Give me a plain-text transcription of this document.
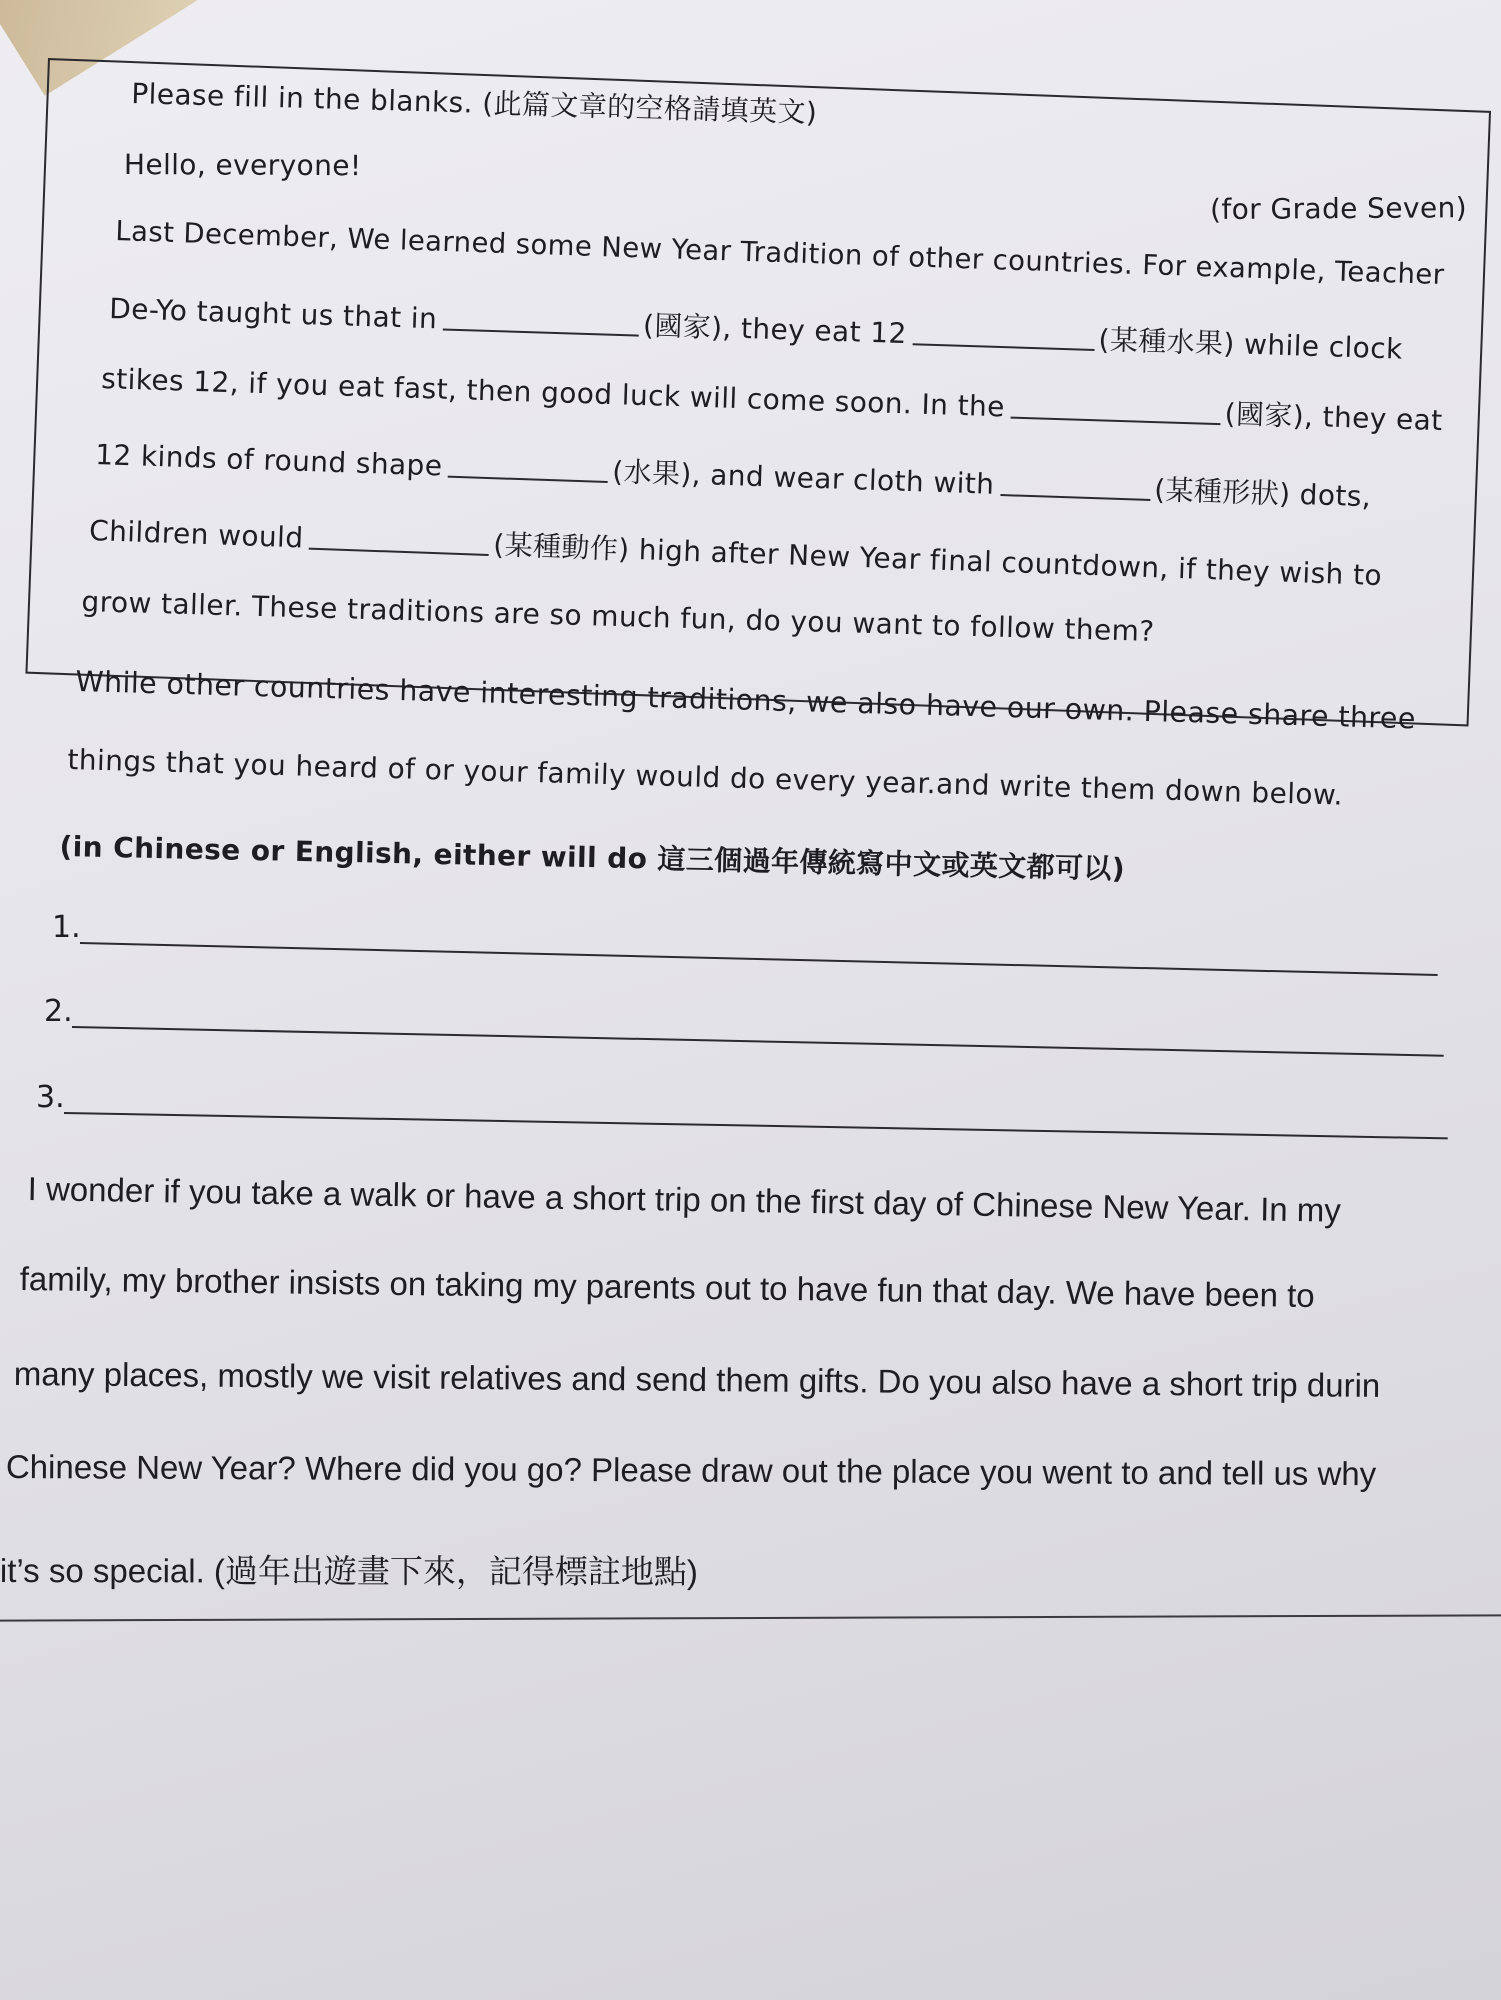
Please fill in the blanks. (此篇文章的空格請填英文)
Hello, everyone!
(for Grade Seven)
Last December, We learned some New Year Tradition of other countries. For example, Teacher
De-Yo taught us that in	(國家), they eat 12	(某種水果) while clock
stikes 12, if you eat fast, then good luck will come soon. In the	(國家), they eat
12 kinds of round shape	(水果), and wear cloth with	(某種形狀) dots,
Children would	(某種動作) high after New Year final countdown, if they wish to
grow taller. These traditions are so much fun, do you want to follow them?
While other countries have interesting traditions, we also have our own. Please share three
things that you heard of or your family would do every year.and write them down below.
(in Chinese or English, either will do 這三個過年傳統寫中文或英文都可以)
1.
2.
3.
I wonder if you take a walk or have a short trip on the first day of Chinese New Year. In my
family, my brother insists on taking my parents out to have fun that day. We have been to
many places, mostly we visit relatives and send them gifts. Do you also have a short trip durin
Chinese New Year? Where did you go? Please draw out the place you went to and tell us why
it’s so special. (過年出遊畫下來，記得標註地點)
